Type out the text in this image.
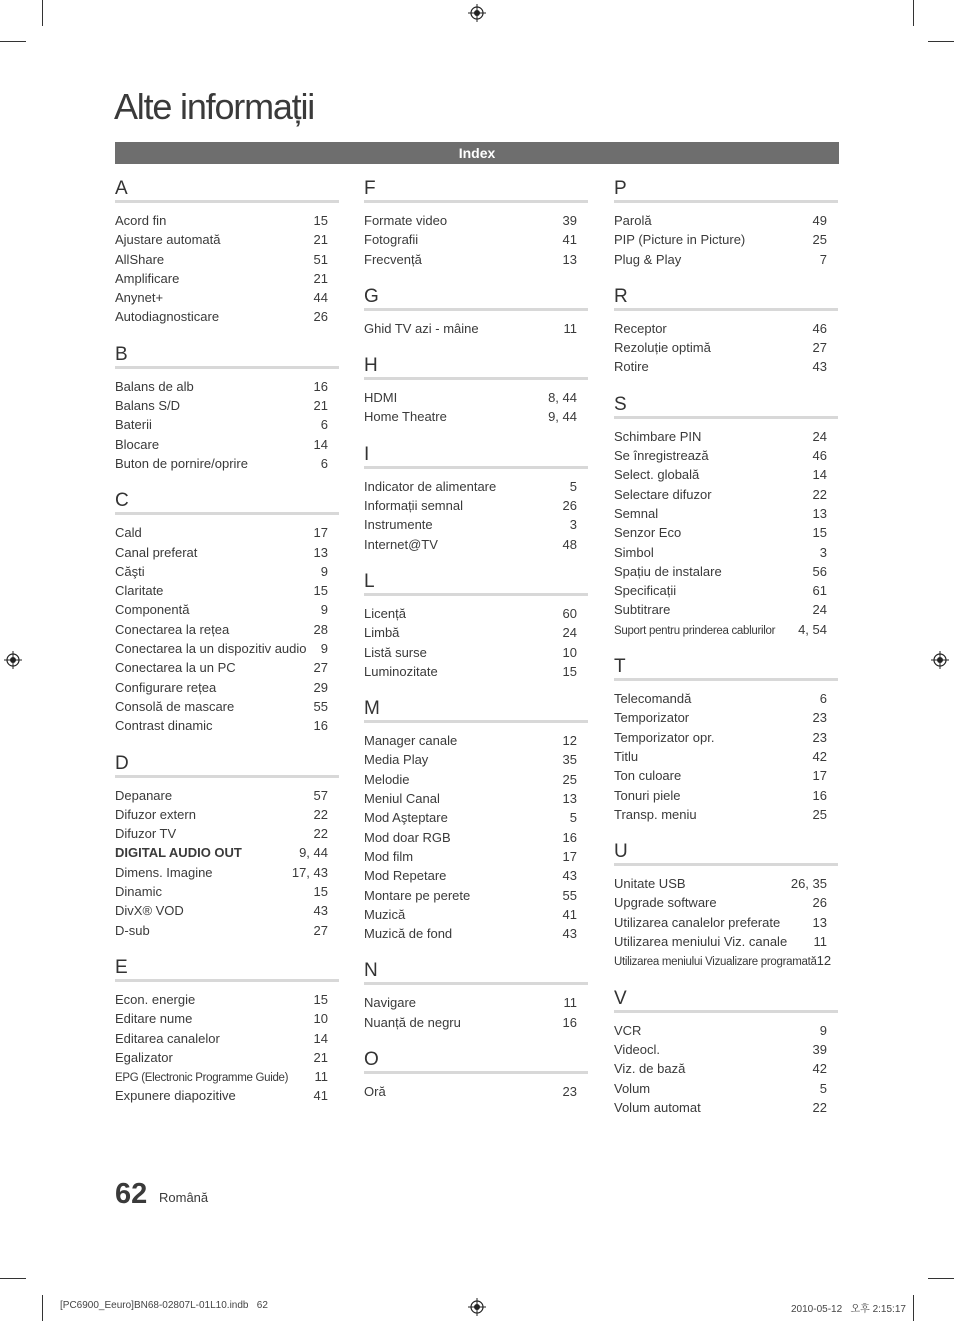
Alte informații
Index
A
Acord fin	15
Ajustare automată	21
AllShare	51
Amplificare	21
Anynet+	44
Autodiagnosticare	26
B
Balans de alb	16
Balans S/D	21
Baterii	6
Blocare	14
Buton de pornire/oprire	6
C
Cald	17
Canal preferat	13
Căşti	9
Claritate	15
Componentă	9
Conectarea la rețea	28
Conectarea la un dispozitiv audio 9
Conectarea la un PC	27
Configurare rețea	29
Consolă de mascare	55
Contrast dinamic	16
D
Depanare	57
Difuzor extern	22
Difuzor TV	22
DIGITAL AUDIO OUT	9, 44
Dimens. Imagine	17, 43
Dinamic	15
DivX® VOD	43
D-sub	27
E
Econ. energie	15
Editare nume	10
Editarea canalelor	14
Egalizator	21
EPG (Electronic Programme Guide) 11
Expunere diapozitive	41
F
Formate video	39
Fotografii	41
Frecvență	13
G
Ghid TV azi - mâine	11
H
HDMI	8, 44
Home Theatre	9, 44
I
Indicator de alimentare	5
Informații semnal	26
Instrumente	3
Internet@TV	48
L
Licență	60
Limbă	24
Listă surse	10
Luminozitate	15
M
Manager canale	12
Media Play	35
Melodie	25
Meniul Canal	13
Mod Aşteptare	5
Mod doar RGB	16
Mod film	17
Mod Repetare	43
Montare pe perete	55
Muzică	41
Muzică de fond	43
N
Navigare	11
Nuanță de negru	16
O
Oră	23
P
Parolă	49
PIP (Picture in Picture)	25
Plug & Play	7
R
Receptor	46
Rezoluție optimă	27
Rotire	43
S
Schimbare PIN	24
Se înregistrează	46
Select. globală	14
Selectare difuzor	22
Semnal	13
Senzor Eco	15
Simbol	3
Spațiu de instalare	56
Specificații	61
Subtitrare	24
Suport pentru prinderea cablurilor 4, 54
T
Telecomandă	6
Temporizator	23
Temporizator opr.	23
Titlu	42
Ton culoare	17
Tonuri piele	16
Transp. meniu	25
U
Unitate USB	26, 35
Upgrade software	26
Utilizarea canalelor preferate 13
Utilizarea meniului Viz. canale 11
Utilizarea meniului Vizualizare programată 12
V
VCR	9
Videocl.	39
Viz. de bază	42
Volum	5
Volum automat	22
62 Română
[PC6900_Eeuro]BN68-02807L-01L10.indb   62	2010-05-12   오후 2:15:17
